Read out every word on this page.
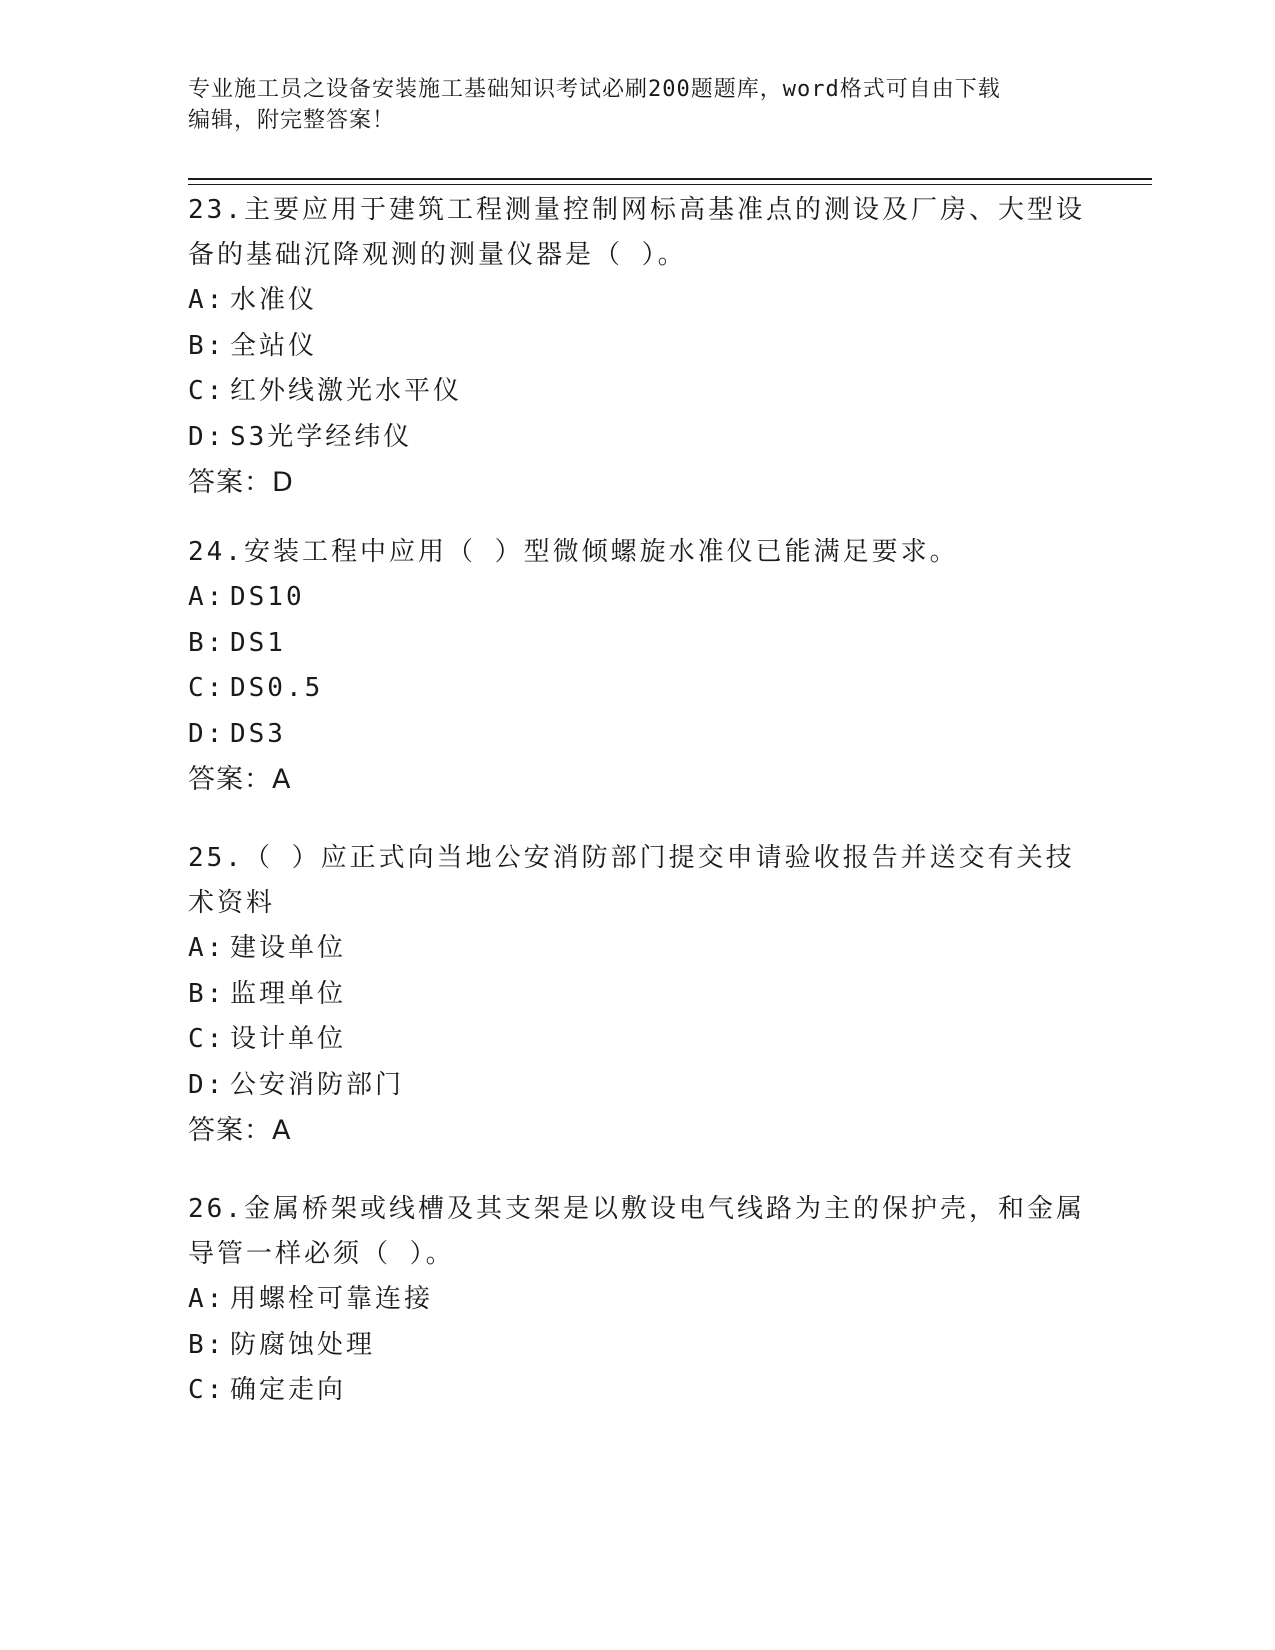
专业施工员之设备安装施工基础知识考试必刷200题题库，word格式可自由下载
编辑，附完整答案！
23.主要应用于建筑工程测量控制网标高基准点的测设及厂房、大型设
备的基础沉降观测的测量仪器是（ ）。
A: 水准仪
B: 全站仪
C: 红外线激光水平仪
D: S3光学经纬仪
答案：D
24.安装工程中应用（ ）型微倾螺旋水准仪已能满足要求。
A: DS10
B: DS1
C: DS0.5
D: DS3
答案：A
25.（ ）应正式向当地公安消防部门提交申请验收报告并送交有关技
术资料
A: 建设单位
B: 监理单位
C: 设计单位
D: 公安消防部门
答案：A
26.金属桥架或线槽及其支架是以敷设电气线路为主的保护壳，和金属
导管一样必须（ ）。
A: 用螺栓可靠连接
B: 防腐蚀处理
C: 确定走向
